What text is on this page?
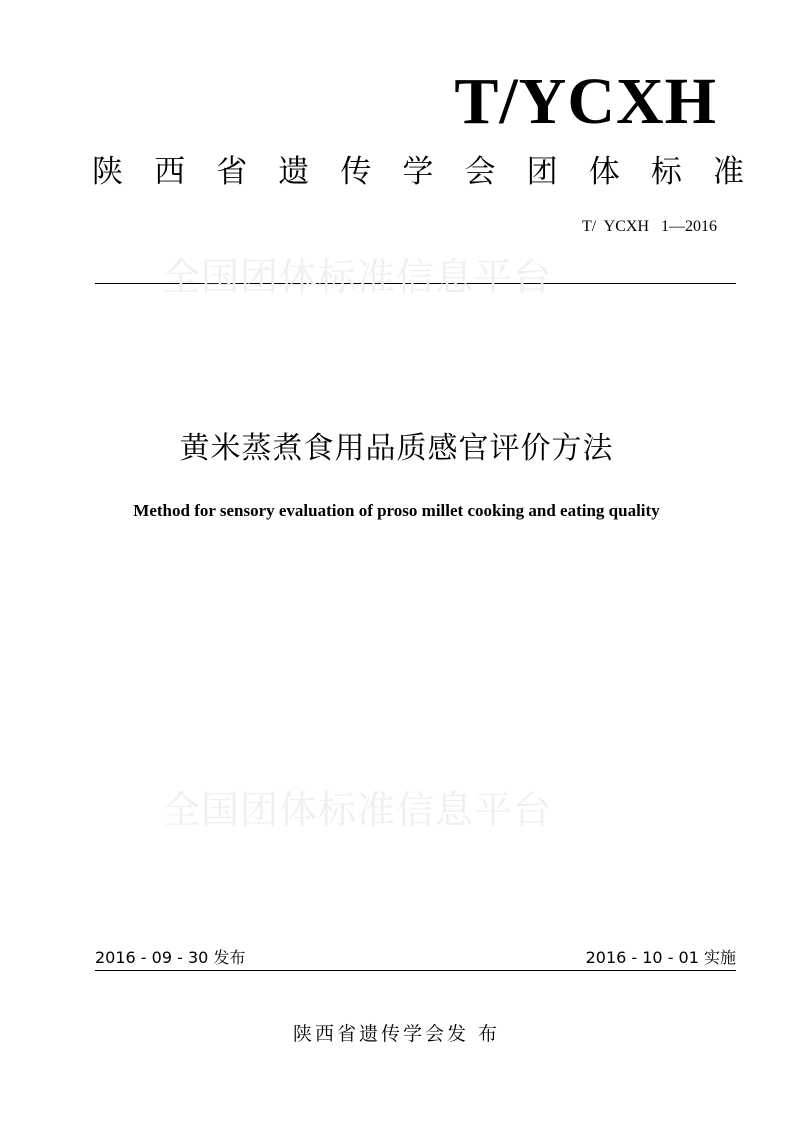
T/YCXH
陕 西 省 遗 传 学 会 团 体 标 准
T/  YCXH   1—2016
全国团体标准信息平台
黄米蒸煮食用品质感官评价方法
Method for sensory evaluation of proso millet cooking and eating quality
全国团体标准信息平台
2016 - 09 - 30 发布	2016 - 10 - 01 实施
陕西省遗传学会发 布
